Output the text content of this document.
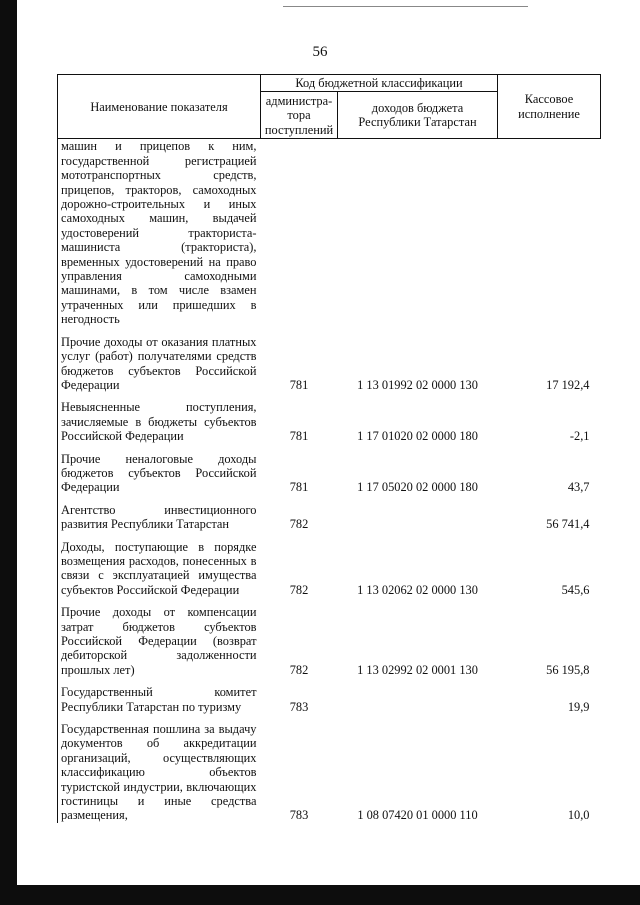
56
Наименование показателя	Код бюджетной классификации		Кассовое исполнение
	администра-тора поступлений	доходов бюджета Республики Татарстан	
машин и прицепов к ним, государственной регистрацией мототранспортных средств, прицепов, тракторов, самоходных дорожно-строительных и иных самоходных машин, выдачей удостоверений тракториста-машиниста (тракториста), временных удостоверений на право управления самоходными машинами, в том числе взамен утраченных или пришедших в негодность			
Прочие доходы от оказания платных услуг (работ) получателями средств бюджетов субъектов Российской Федерации	781	1 13 01992 02 0000 130	17 192,4
Невыясненные поступления, зачисляемые в бюджеты субъектов Российской Федерации	781	1 17 01020 02 0000 180	-2,1
Прочие неналоговые доходы бюджетов субъектов Российской Федерации	781	1 17 05020 02 0000 180	43,7
Агентство инвестиционного развития Республики Татарстан	782		56 741,4
Доходы, поступающие в порядке возмещения расходов, понесенных в связи с эксплуатацией имущества субъектов Российской Федерации	782	1 13 02062 02 0000 130	545,6
Прочие доходы от компенсации затрат бюджетов субъектов Российской Федерации (возврат дебиторской задолженности прошлых лет)	782	1 13 02992 02 0001 130	56 195,8
Государственный комитет Республики Татарстан по туризму	783		19,9
Государственная пошлина за выдачу документов об аккредитации организаций, осуществляющих классификацию объектов туристской индустрии, включающих гостиницы и иные средства размещения,	783	1 08 07420 01 0000 110	10,0
